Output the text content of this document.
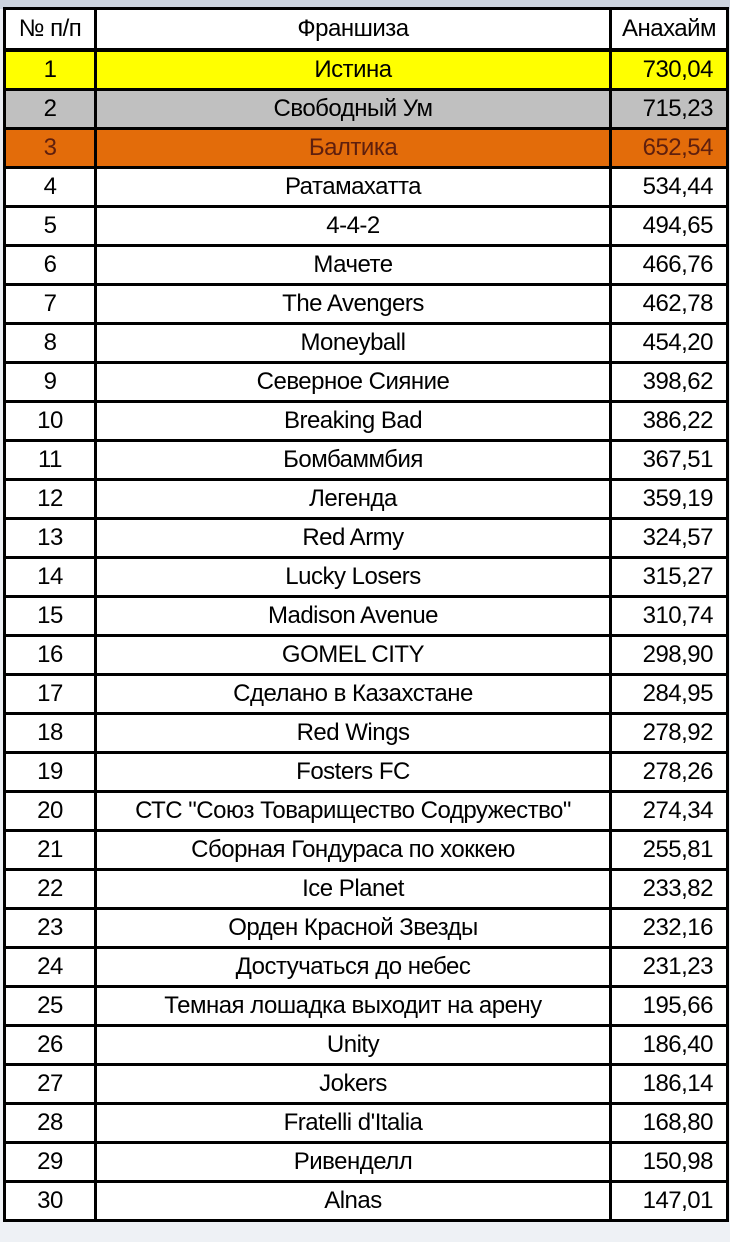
№ п/п	Франшиза	Анахайм
1	Истина	730,04
2	Свободный Ум	715,23
3	Балтика	652,54
4	Ратамахатта	534,44
5	4-4-2	494,65
6	Мачете	466,76
7	The Avengers	462,78
8	Moneyball	454,20
9	Северное Сияние	398,62
10	Breaking Bad	386,22
11	Бомбаммбия	367,51
12	Легенда	359,19
13	Red Army	324,57
14	Lucky Losers	315,27
15	Madison Avenue	310,74
16	GOMEL CITY	298,90
17	Сделано в Казахстане	284,95
18	Red Wings	278,92
19	Fosters FC	278,26
20	СТС "Союз Товарищество Содружество"	274,34
21	Сборная Гондураса по хоккею	255,81
22	Ice Planet	233,82
23	Орден Красной Звезды	232,16
24	Достучаться до небес	231,23
25	Темная лошадка выходит на арену	195,66
26	Unity	186,40
27	Jokers	186,14
28	Fratelli d'Italia	168,80
29	Ривенделл	150,98
30	Alnas	147,01
